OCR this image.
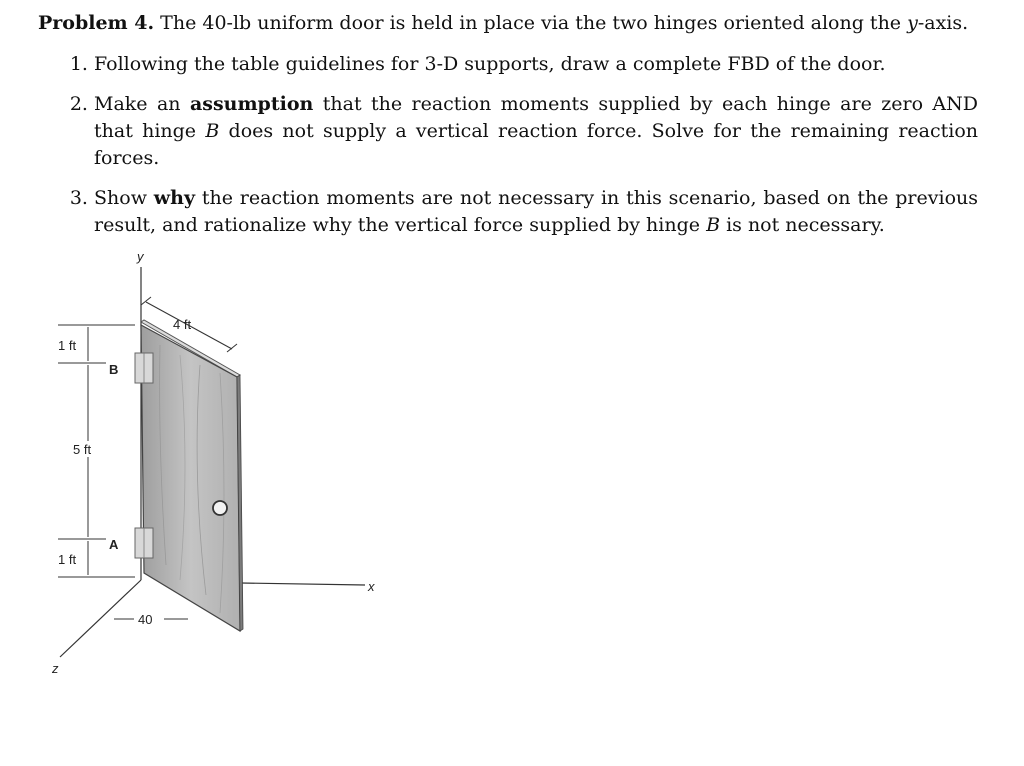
Problem 4. The 40-lb uniform door is held in place via the two hinges oriented along the y-axis.

1. Following the table guidelines for 3-D supports, draw a complete FBD of the door.
2. Make an assumption that the reaction moments supplied by each hinge are zero AND that hinge B does not supply a vertical reaction force. Solve for the remaining reaction forces.
3. Show why the reaction moments are not necessary in this scenario, based on the previous result, and rationalize why the vertical force supplied by hinge B is not necessary.
y
x
z
B
A
4 ft
1 ft
5 ft
1 ft
40
